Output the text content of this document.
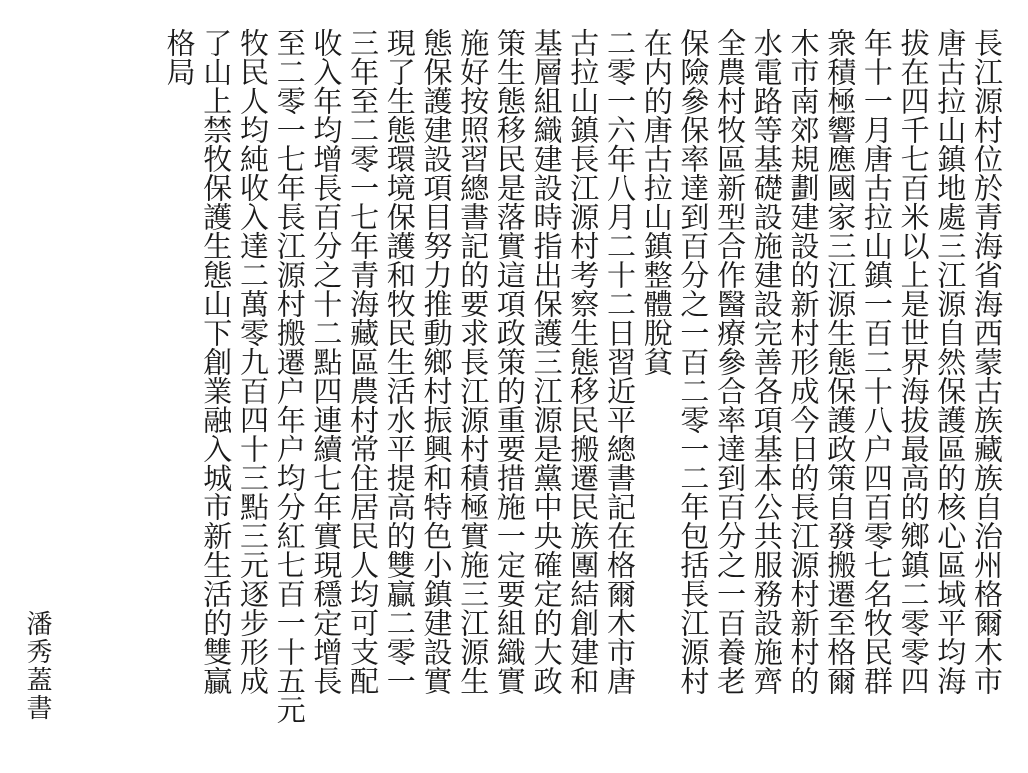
長江源村位於青海省海西蒙古族藏族自治州格爾木市
唐古拉山鎮地處三江源自然保護區的核心區域平均海
拔在四千七百米以上是世界海拔最高的鄉鎮二零零四
年十一月唐古拉山鎮一百二十八户四百零七名牧民群
衆積極響應國家三江源生態保護政策自發搬遷至格爾
木市南郊規劃建設的新村形成今日的長江源村新村的
水電路等基礎設施建設完善各項基本公共服務設施齊
全農村牧區新型合作醫療參合率達到百分之一百養老
保險參保率達到百分之一百二零一二年包括長江源村
在内的唐古拉山鎮整體脫貧
二零一六年八月二十二日習近平總書記在格爾木市唐
古拉山鎮長江源村考察生態移民搬遷民族團結創建和
基層組織建設時指出保護三江源是黨中央確定的大政
策生態移民是落實這項政策的重要措施一定要組織實
施好按照習總書記的要求長江源村積極實施三江源生
態保護建設項目努力推動鄉村振興和特色小鎮建設實
現了生態環境保護和牧民生活水平提高的雙贏二零一
三年至二零一七年青海藏區農村常住居民人均可支配
收入年均增長百分之十二點四連續七年實現穩定增長
至二零一七年長江源村搬遷户年户均分紅七百一十五元
牧民人均純收入達二萬零九百四十三點三元逐步形成
了山上禁牧保護生態山下創業融入城市新生活的雙贏
格局
潘秀蓋書
